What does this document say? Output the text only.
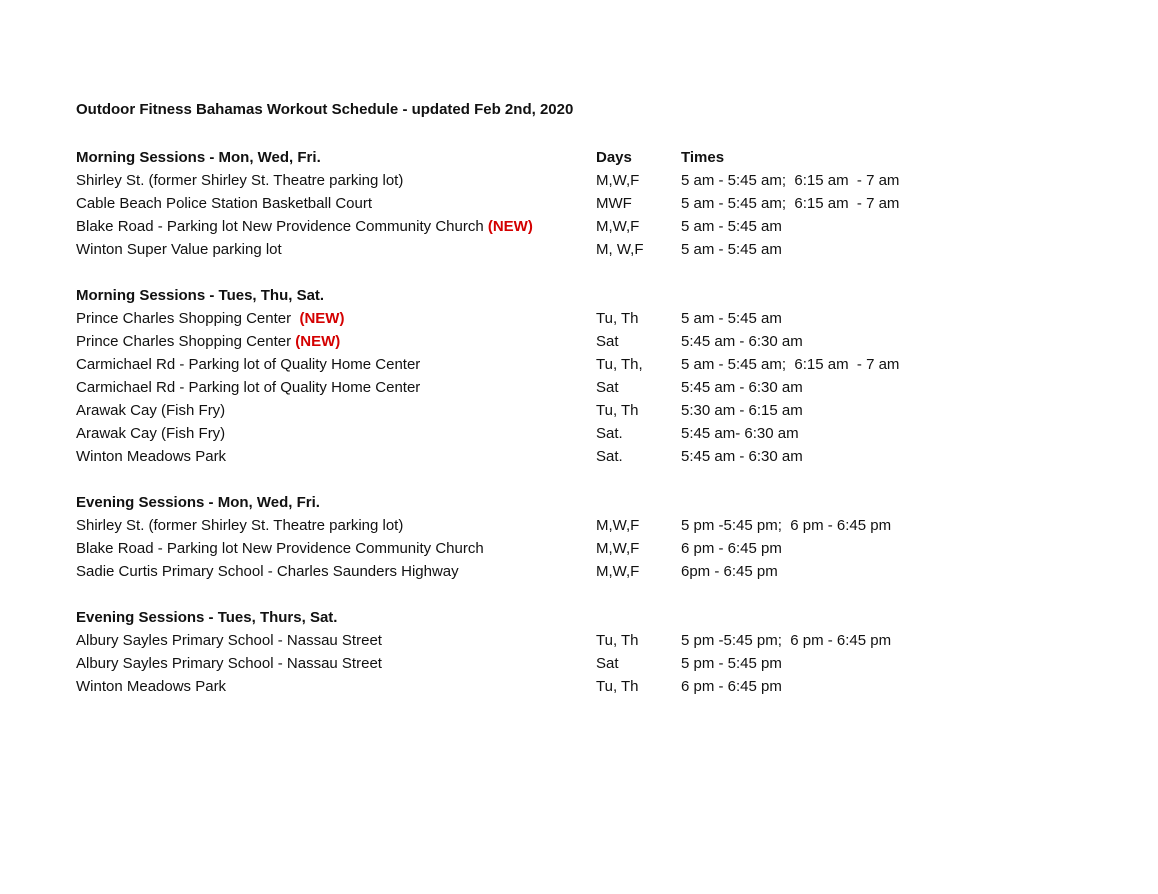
Outdoor Fitness Bahamas Workout Schedule - updated Feb 2nd, 2020
Morning Sessions - Mon, Wed, Fri.	Days	Times
Shirley St. (former Shirley St. Theatre parking lot)	M,W,F	5 am - 5:45 am;  6:15 am  - 7 am
Cable Beach Police Station Basketball Court	MWF	5 am - 5:45 am;  6:15 am  - 7 am
Blake Road - Parking lot New Providence Community Church (NEW)	M,W,F	5 am - 5:45 am
Winton Super Value parking lot	M, W,F	5 am - 5:45 am
Morning Sessions - Tues, Thu, Sat.
Prince Charles Shopping Center  (NEW)	Tu, Th	5 am - 5:45 am
Prince Charles Shopping Center (NEW)	Sat	5:45 am - 6:30 am
Carmichael Rd - Parking lot of Quality Home Center	Tu, Th,	5 am - 5:45 am;  6:15 am  - 7 am
Carmichael Rd - Parking lot of Quality Home Center	Sat	5:45 am - 6:30 am
Arawak Cay (Fish Fry)	Tu, Th	5:30 am - 6:15 am
Arawak Cay (Fish Fry)	Sat.	5:45 am- 6:30 am
Winton Meadows Park	Sat.	5:45 am - 6:30 am
Evening Sessions - Mon, Wed, Fri.
Shirley St. (former Shirley St. Theatre parking lot)	M,W,F	5 pm -5:45 pm;  6 pm - 6:45 pm
Blake Road - Parking lot New Providence Community Church	M,W,F	6 pm - 6:45 pm
Sadie Curtis Primary School - Charles Saunders Highway	M,W,F	6pm - 6:45 pm
Evening Sessions - Tues, Thurs, Sat.
Albury Sayles Primary School - Nassau Street	Tu, Th	5 pm -5:45 pm;  6 pm - 6:45 pm
Albury Sayles Primary School - Nassau Street	Sat	5 pm - 5:45 pm
Winton Meadows Park	Tu, Th	6 pm - 6:45 pm
